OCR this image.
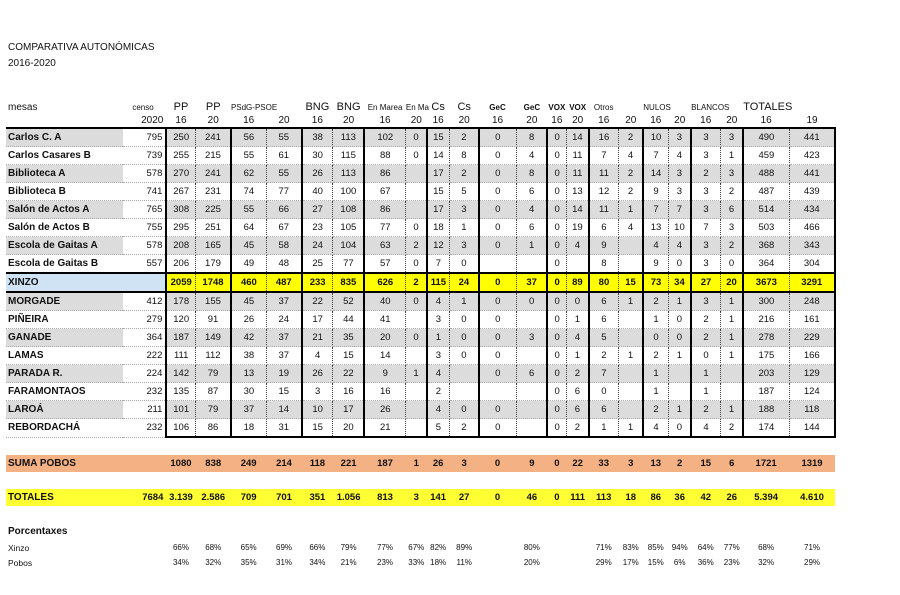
COMPARATIVA AUTONÓMICAS
2016-2020
mesas	censo	PP	PP	PSdG-PSOE		BNG	BNG	En Marea	En Ma	Cs	Cs	GeC	GeC	VOX	VOX	Otros		NULOS		BLANCOS		TOTALES	
	2020	16	20	16	20	16	20	16	20	16	20	16	20	16	20	16	20	16	20	16	20	16	19
Carlos C. A	795	250	241	56	55	38	113	102	0	15	2	0	8	0	14	16	2	10	3	3	3	490	441
Carlos Casares B	739	255	215	55	61	30	115	88	0	14	8	0	4	0	11	7	4	7	4	3	1	459	423
Biblioteca A	578	270	241	62	55	26	113	86		17	2	0	8	0	11	11	2	14	3	2	3	488	441
Biblioteca B	741	267	231	74	77	40	100	67		15	5	0	6	0	13	12	2	9	3	3	2	487	439
Salón de Actos A	765	308	225	55	66	27	108	86		17	3	0	4	0	14	11	1	7	7	3	6	514	434
Salón de Actos B	755	295	251	64	67	23	105	77	0	18	1	0	6	0	19	6	4	13	10	7	3	503	466
Escola de Gaitas A	578	208	165	45	58	24	104	63	2	12	3	0	1	0	4	9		4	4	3	2	368	343
Escola de Gaitas B	557	206	179	49	48	25	77	57	0	7	0			0		8		9	0	3	0	364	304
XINZO		2059	1748	460	487	233	835	626	2	115	24	0	37	0	89	80	15	73	34	27	20	3673	3291
MORGADE	412	178	155	45	37	22	52	40	0	4	1	0	0	0	0	6	1	2	1	3	1	300	248
PIÑEIRA	279	120	91	26	24	17	44	41		3	0	0		0	1	6		1	0	2	1	216	161
GANADE	364	187	149	42	37	21	35	20	0	1	0	0	3	0	4	5		0	0	2	1	278	229
LAMAS	222	111	112	38	37	4	15	14		3	0	0		0	1	2	1	2	1	0	1	175	166
PARADA R.	224	142	79	13	19	26	22	9	1	4		0	6	0	2	7		1		1		203	129
FARAMONTAOS	232	135	87	30	15	3	16	16		2				0	6	0		1		1		187	124
LAROÁ	211	101	79	37	14	10	17	26		4	0	0		0	6	6		2	1	2	1	188	118
REBORDACHÁ	232	106	86	18	31	15	20	21		5	2	0		0	2	1	1	4	0	4	2	174	144

SUMA POBOS		1080	838	249	214	118	221	187	1	26	3	0	9	0	22	33	3	13	2	15	6	1721	1319

TOTALES	7684	3.139	2.586	709	701	351	1.056	813	3	141	27	0	46	0	111	113	18	86	36	42	26	5.394	4.610

Porcentaxes																							
Xinzo		66%	68%	65%	69%	66%	79%	77%	67%	82%	89%		80%			71%	83%	85%	94%	64%	77%	68%	71%
Pobos		34%	32%	35%	31%	34%	21%	23%	33%	18%	11%		20%			29%	17%	15%	6%	36%	23%	32%	29%
